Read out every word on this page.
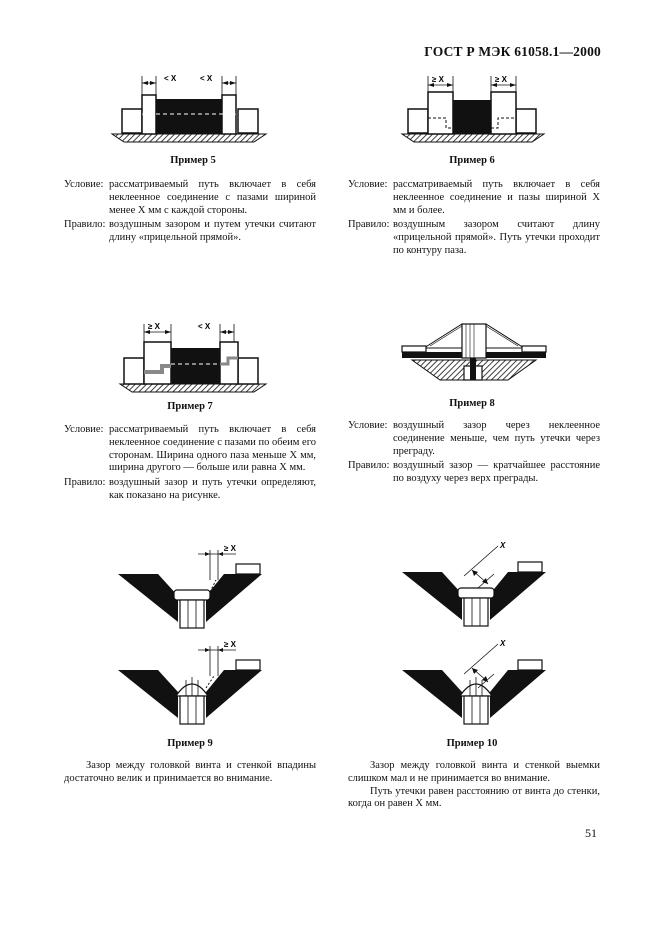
ГОСТ Р МЭК 61058.1—2000
< X	< X
Пример 5
≥ X	≥ X
Пример 6
Условие: рассматриваемый путь включает в себя неклеенное соединение с пазами шириной менее X мм с каждой стороны.
Правило: воздушным зазором и путем утечки считают длину «прицельной прямой».
Условие: рассматриваемый путь включает в себя неклеенное соединение и пазы шириной X мм и более.
Правило: воздушным зазором считают длину «прицельной прямой». Путь утечки проходит по контуру паза.
≥ X	< X
Пример 7	Пример 8
Условие: рассматриваемый путь включает в себя неклеенное соединение с пазами по обеим его сторонам. Ширина одного паза меньше X мм, ширина другого — больше или равна X мм.
Правило: воздушный зазор и путь утечки определяют, как показано на рисунке.
Условие: воздушный зазор через неклеенное соединение меньше, чем путь утечки через преграду.
Правило: воздушный зазор — кратчайшее расстояние по воздуху через верх преграды.
≥ X
≥ X
Пример 9
X
X
Пример 10
Зазор между головкой винта и стенкой впадины достаточно велик и принимается во внимание.
Зазор между головкой винта и стенкой выемки слишком мал и не принимается во внимание.
Путь утечки равен расстоянию от винта до стенки, когда он равен X мм.
51
